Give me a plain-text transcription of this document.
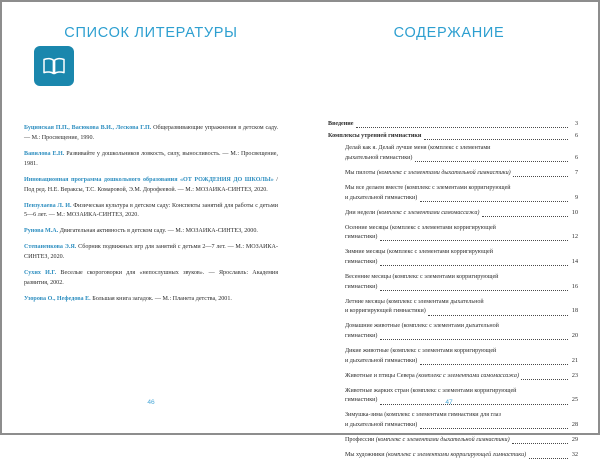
СПИСОК ЛИТЕРАТУРЫ

Буцинская П.П., Васюкова В.И., Лескова Г.П. Общеразвивающие упражнения в детском саду. — М.: Просвещение, 1990.

Вавилова Е.Н. Развивайте у дошкольников ловкость, силу, выносливость. — М.: Просвещение, 1981.

Инновационная программа дошкольного образования «ОТ РОЖДЕНИЯ ДО ШКОЛЫ» / Под ред. Н.Е. Вераксы, Т.С. Комаровой, Э.М. Дорофеевой. — М.: МОЗАИКА-СИНТЕЗ, 2020.

Пензулаева Л. И. Физическая культура в детском саду: Конспекты занятий для работы с детьми 5—6 лет. — М.: МОЗАИКА-СИНТЕЗ, 2020.

Рунова М.А. Двигательная активность в детском саду. — М.: МОЗАИКА-СИНТЕЗ, 2000.

Степаненкова Э.Я. Сборник подвижных игр для занятий с детьми 2—7 лет. — М.: МОЗАИКА-СИНТЕЗ, 2020.

Сухих И.Г. Веселые скороговорки для «непослушных звуков». — Ярославль: Академия развития, 2002.

Узорова О., Нефедова Е. Большая книга загадок. — М.: Планета детства, 2001.

46
СОДЕРЖАНИЕ
Введение	3
Комплексы утренней гимнастики	6
Делай как я. Делай лучше меня (комплекс с элементами
дыхательной гимнастики)	6
Мы пилоты (комплекс с элементами дыхательной гимнастики)	7
Мы все делаем вместе (комплекс с элементами корригирующей
и дыхательной гимнастики)	9
Дни недели (комплекс с элементами самомассажа)	10
Осенние месяцы (комплекс с элементами корригирующей
гимнастики)	12
Зимние месяцы (комплекс с элементами корригирующей
гимнастики)	14
Весенние месяцы (комплекс с элементами корригирующей
гимнастики)	16
Летние месяцы (комплекс с элементами дыхательной
и корригирующей гимнастики)	18
Домашние животные (комплекс с элементами дыхательной
гимнастики)	20
Дикие животные (комплекс с элементами корригирующей
и дыхательной гимнастики)	21
Животные и птицы Севера (комплекс с элементами самомассажа)	23
Животные жарких стран (комплекс с элементами корригирующей
гимнастики)	25
Зимушка-зима (комплекс с элементами гимнастики для глаз
и дыхательной гимнастики)	28
Профессии (комплекс с элементами дыхательной гимнастики)	29
Мы художники (комплекс с элементами корригирующей гимнастики)	32
47
